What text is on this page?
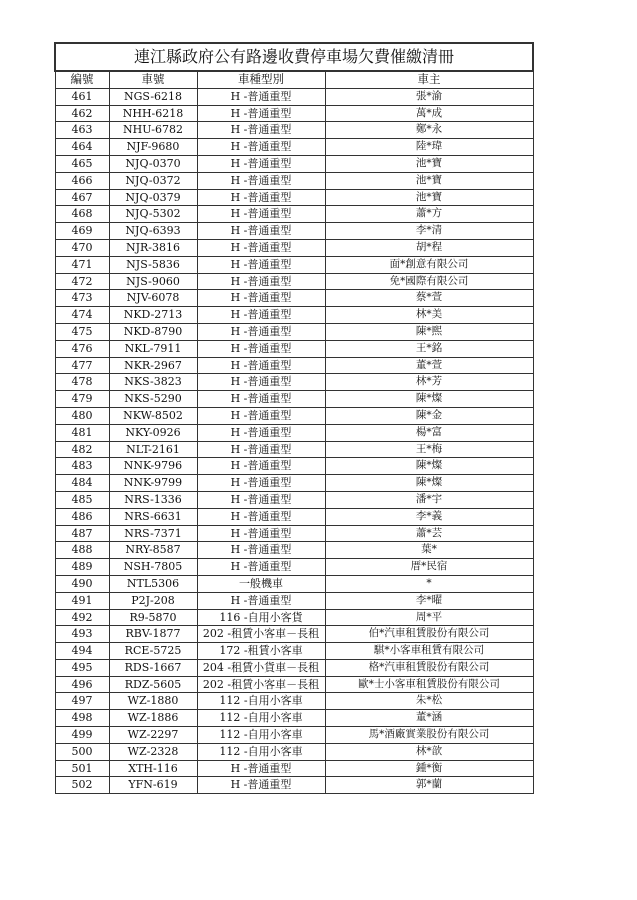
連江縣政府公有路邊收費停車場欠費催繳清冊			
編號	車號	車種型別	車主
461	NGS-6218	H -普通重型	張*渝
462	NHH-6218	H -普通重型	萬*成
463	NHU-6782	H -普通重型	鄭*永
464	NJF-9680	H -普通重型	陸*瑋
465	NJQ-0370	H -普通重型	池*寶
466	NJQ-0372	H -普通重型	池*寶
467	NJQ-0379	H -普通重型	池*寶
468	NJQ-5302	H -普通重型	蕭*方
469	NJQ-6393	H -普通重型	李*清
470	NJR-3816	H -普通重型	胡*程
471	NJS-5836	H -普通重型	面*創意有限公司
472	NJS-9060	H -普通重型	免*國際有限公司
473	NJV-6078	H -普通重型	蔡*萱
474	NKD-2713	H -普通重型	林*美
475	NKD-8790	H -普通重型	陳*熙
476	NKL-7911	H -普通重型	王*銘
477	NKR-2967	H -普通重型	董*萱
478	NKS-3823	H -普通重型	林*芳
479	NKS-5290	H -普通重型	陳*燦
480	NKW-8502	H -普通重型	陳*金
481	NKY-0926	H -普通重型	楊*富
482	NLT-2161	H -普通重型	王*梅
483	NNK-9796	H -普通重型	陳*燦
484	NNK-9799	H -普通重型	陳*燦
485	NRS-1336	H -普通重型	潘*宇
486	NRS-6631	H -普通重型	李*義
487	NRS-7371	H -普通重型	蕭*芸
488	NRY-8587	H -普通重型	葉*
489	NSH-7805	H -普通重型	厝*民宿
490	NTL5306	一般機車	*
491	P2J-208	H -普通重型	李*曜
492	R9-5870	116 -自用小客貨	周*平
493	RBV-1877	202 -租賃小客車－長租	伯*汽車租賃股份有限公司
494	RCE-5725	172 -租賃小客車	騏*小客車租賃有限公司
495	RDS-1667	204 -租賃小貨車－長租	格*汽車租賃股份有限公司
496	RDZ-5605	202 -租賃小客車－長租	歐*士小客車租賃股份有限公司
497	WZ-1880	112 -自用小客車	朱*松
498	WZ-1886	112 -自用小客車	董*涵
499	WZ-2297	112 -自用小客車	馬*酒廠實業股份有限公司
500	WZ-2328	112 -自用小客車	林*歆
501	XTH-116	H -普通重型	鍾*衡
502	YFN-619	H -普通重型	郭*蘭
